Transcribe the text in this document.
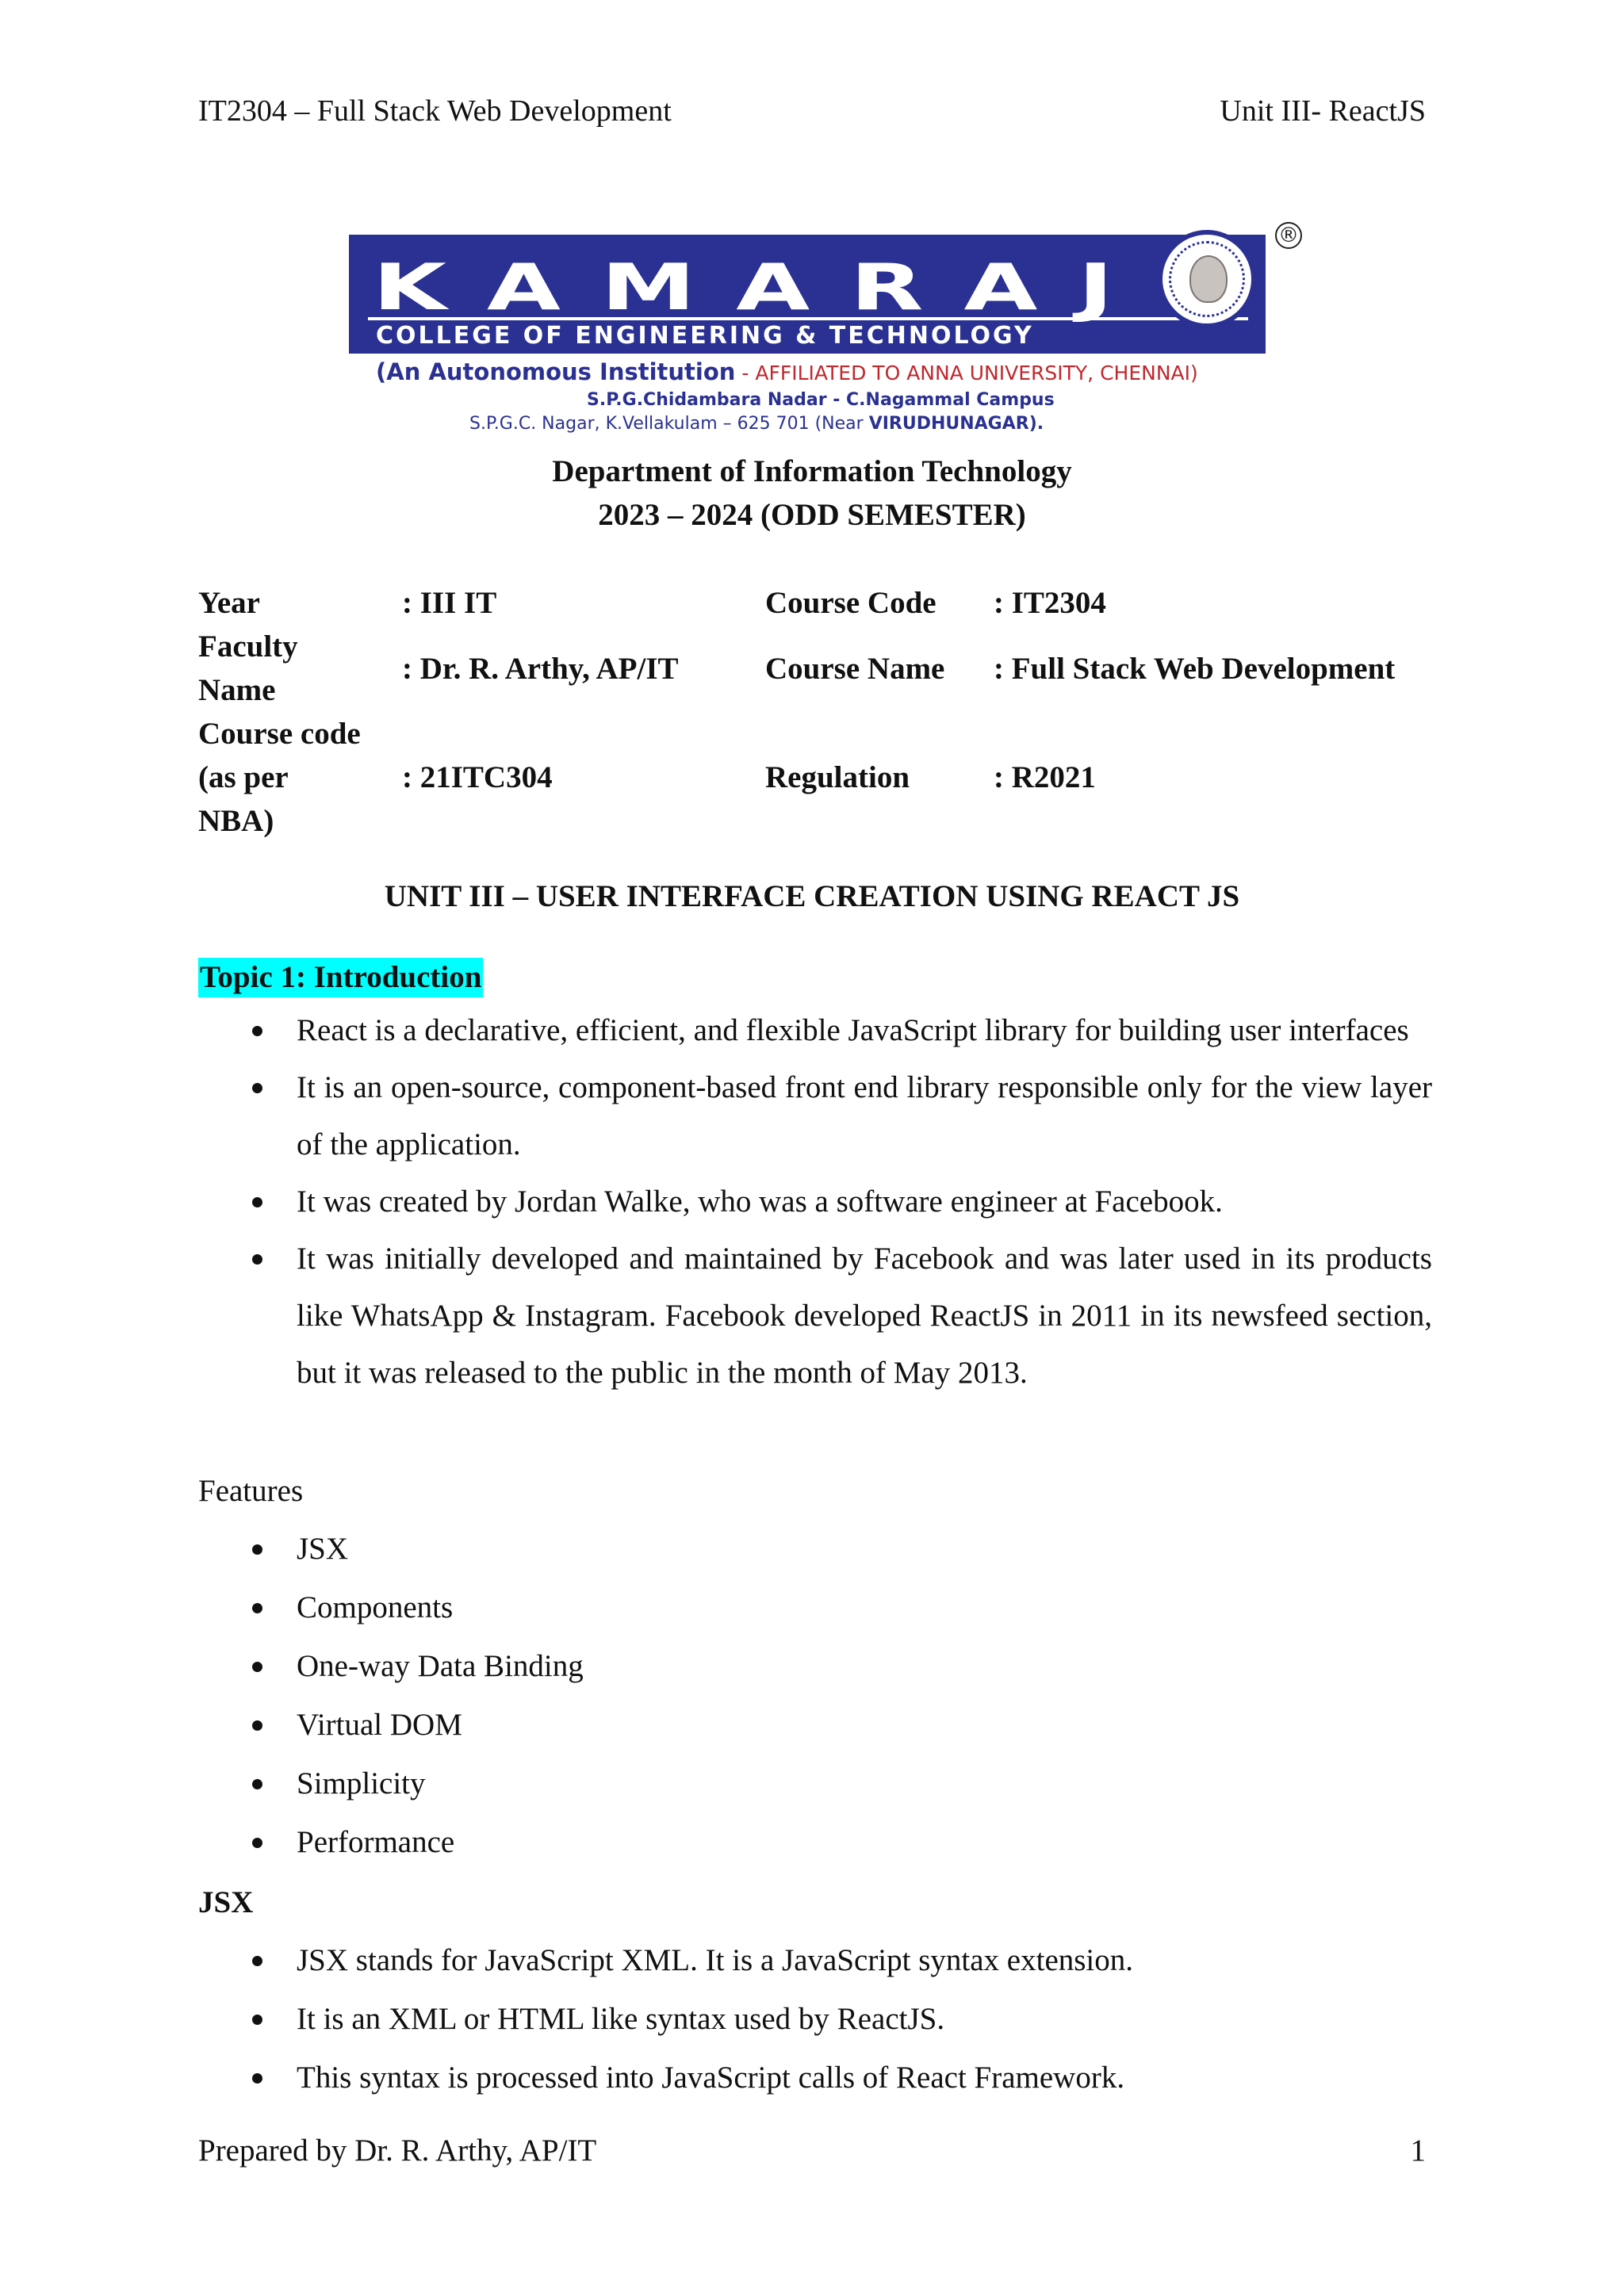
IT2304 – Full Stack Web Development	Unit III- ReactJS
KAMARAJ
COLLEGE OF ENGINEERING & TECHNOLOGY
®
(An Autonomous Institution - AFFILIATED TO ANNA UNIVERSITY, CHENNAI)
S.P.G.Chidambara Nadar - C.Nagammal Campus
S.P.G.C. Nagar, K.Vellakulam – 625 701 (Near VIRUDHUNAGAR).
Department of Information Technology
2023 – 2024 (ODD SEMESTER)
Year	: III IT	Course Code	: IT2304
Faculty
Name	: Dr. R. Arthy, AP/IT	Course Name	: Full Stack Web Development
Course code
(as per
NBA)	: 21ITC304	Regulation	: R2021
UNIT III – USER INTERFACE CREATION USING REACT JS
Topic 1: Introduction
React is a declarative, efficient, and flexible JavaScript library for building user interfaces
It is an open-source, component-based front end library responsible only for the view layer of the application.
It was created by Jordan Walke, who was a software engineer at Facebook.
It was initially developed and maintained by Facebook and was later used in its products like WhatsApp & Instagram. Facebook developed ReactJS in 2011 in its newsfeed section, but it was released to the public in the month of May 2013.
Features
JSX
Components
One-way Data Binding
Virtual DOM
Simplicity
Performance
JSX
JSX stands for JavaScript XML. It is a JavaScript syntax extension.
It is an XML or HTML like syntax used by ReactJS.
This syntax is processed into JavaScript calls of React Framework.
Prepared by Dr. R. Arthy, AP/IT	1
